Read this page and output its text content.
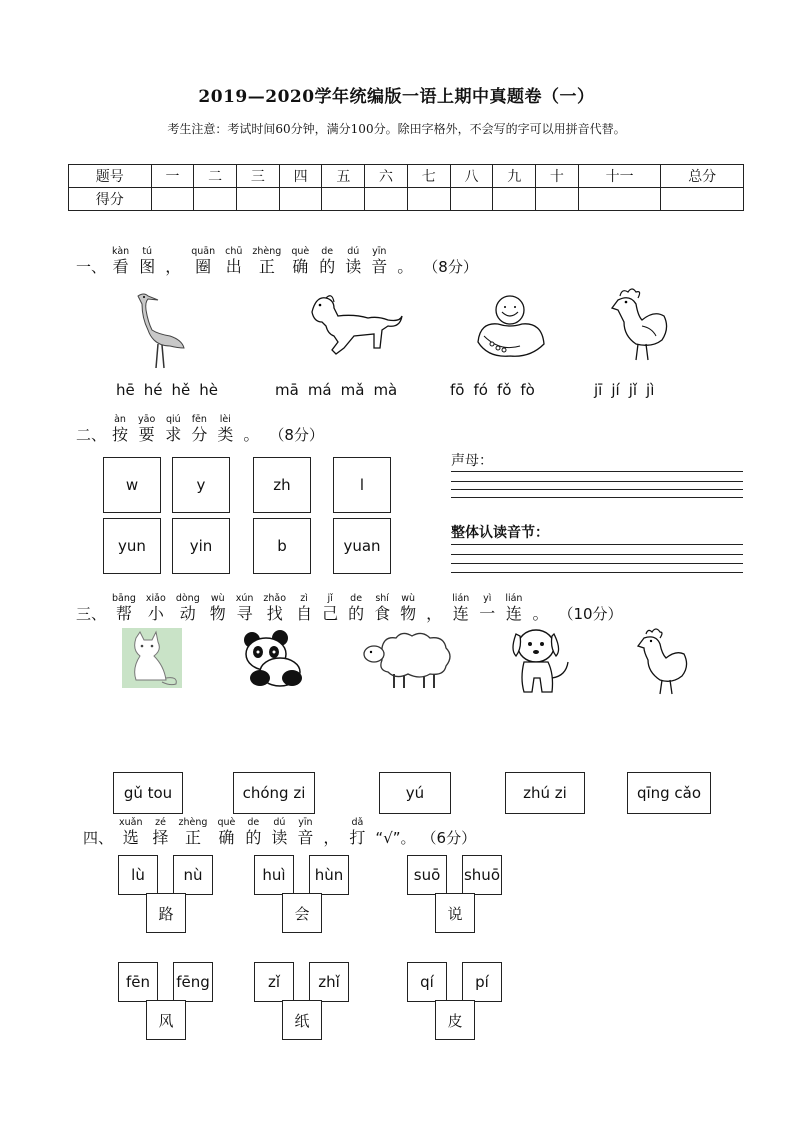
2019—2020学年统编版一语上期中真题卷（一）
考生注意：考试时间60分钟，满分100分。除田字格外，不会写的字可以用拼音代替。
题号	一	二	三	四	五	六	七	八	九	十	十一	总分
得分												
一、
kàn
看
tú
图 ，
quān
圈
chū
出
zhèng
正
què
确
de
的
dú
读
yīn
音 。 （8分）
hē hé hě hè	mā má mǎ mà	fō fó fǒ fò	jī jí jǐ jì
二、
àn
按
yāo
要
qiú
求
fēn
分
lèi
类 。 （8分）
w	y	zh	l
yun	yin	b	yuan
声母：
整体认读音节：
三、
bāng
帮
xiǎo
小
dòng
动
wù
物
xún
寻
zhǎo
找
zì
自
jǐ
己
de
的
shí
食
wù
物 ，
lián
连
yì
一
lián
连 。 （10分）
gǔ tou	chóng zi	yú	zhú zi	qīng cǎo
四、
xuǎn
选
zé
择
zhèng
正
què
确
de
的
dú
读
yīn
音 ，
dǎ
打 “√”。 （6分）
lù	nù
路
huì	hùn
会
suō	shuō
说
fēn	fēng
风
zǐ	zhǐ
纸
qí	pí
皮
